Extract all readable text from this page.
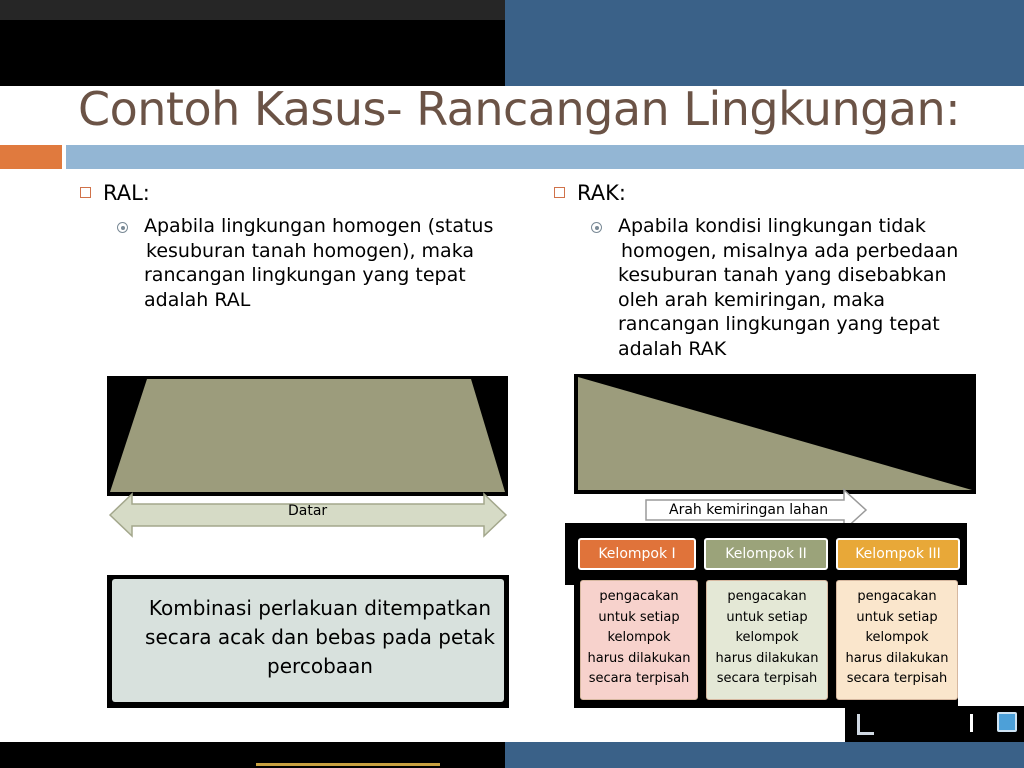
Contoh Kasus- Rancangan Lingkungan:
RAL:
Apabila lingkungan homogen (status
kesuburan tanah homogen), maka
rancangan lingkungan yang tepat
adalah RAL
Datar
Kombinasi perlakuan ditempatkan
secara acak dan bebas pada petak
percobaan
RAK:
Apabila kondisi lingkungan tidak
homogen, misalnya ada perbedaan
kesuburan tanah yang disebabkan
oleh arah kemiringan, maka
rancangan lingkungan yang tepat
adalah RAK
Arah kemiringan lahan
Kelompok I	Kelompok II	Kelompok III
pengacakan
untuk setiap
kelompok
harus dilakukan
secara terpisah
pengacakan
untuk setiap
kelompok
harus dilakukan
secara terpisah
pengacakan
untuk setiap
kelompok
harus dilakukan
secara terpisah
